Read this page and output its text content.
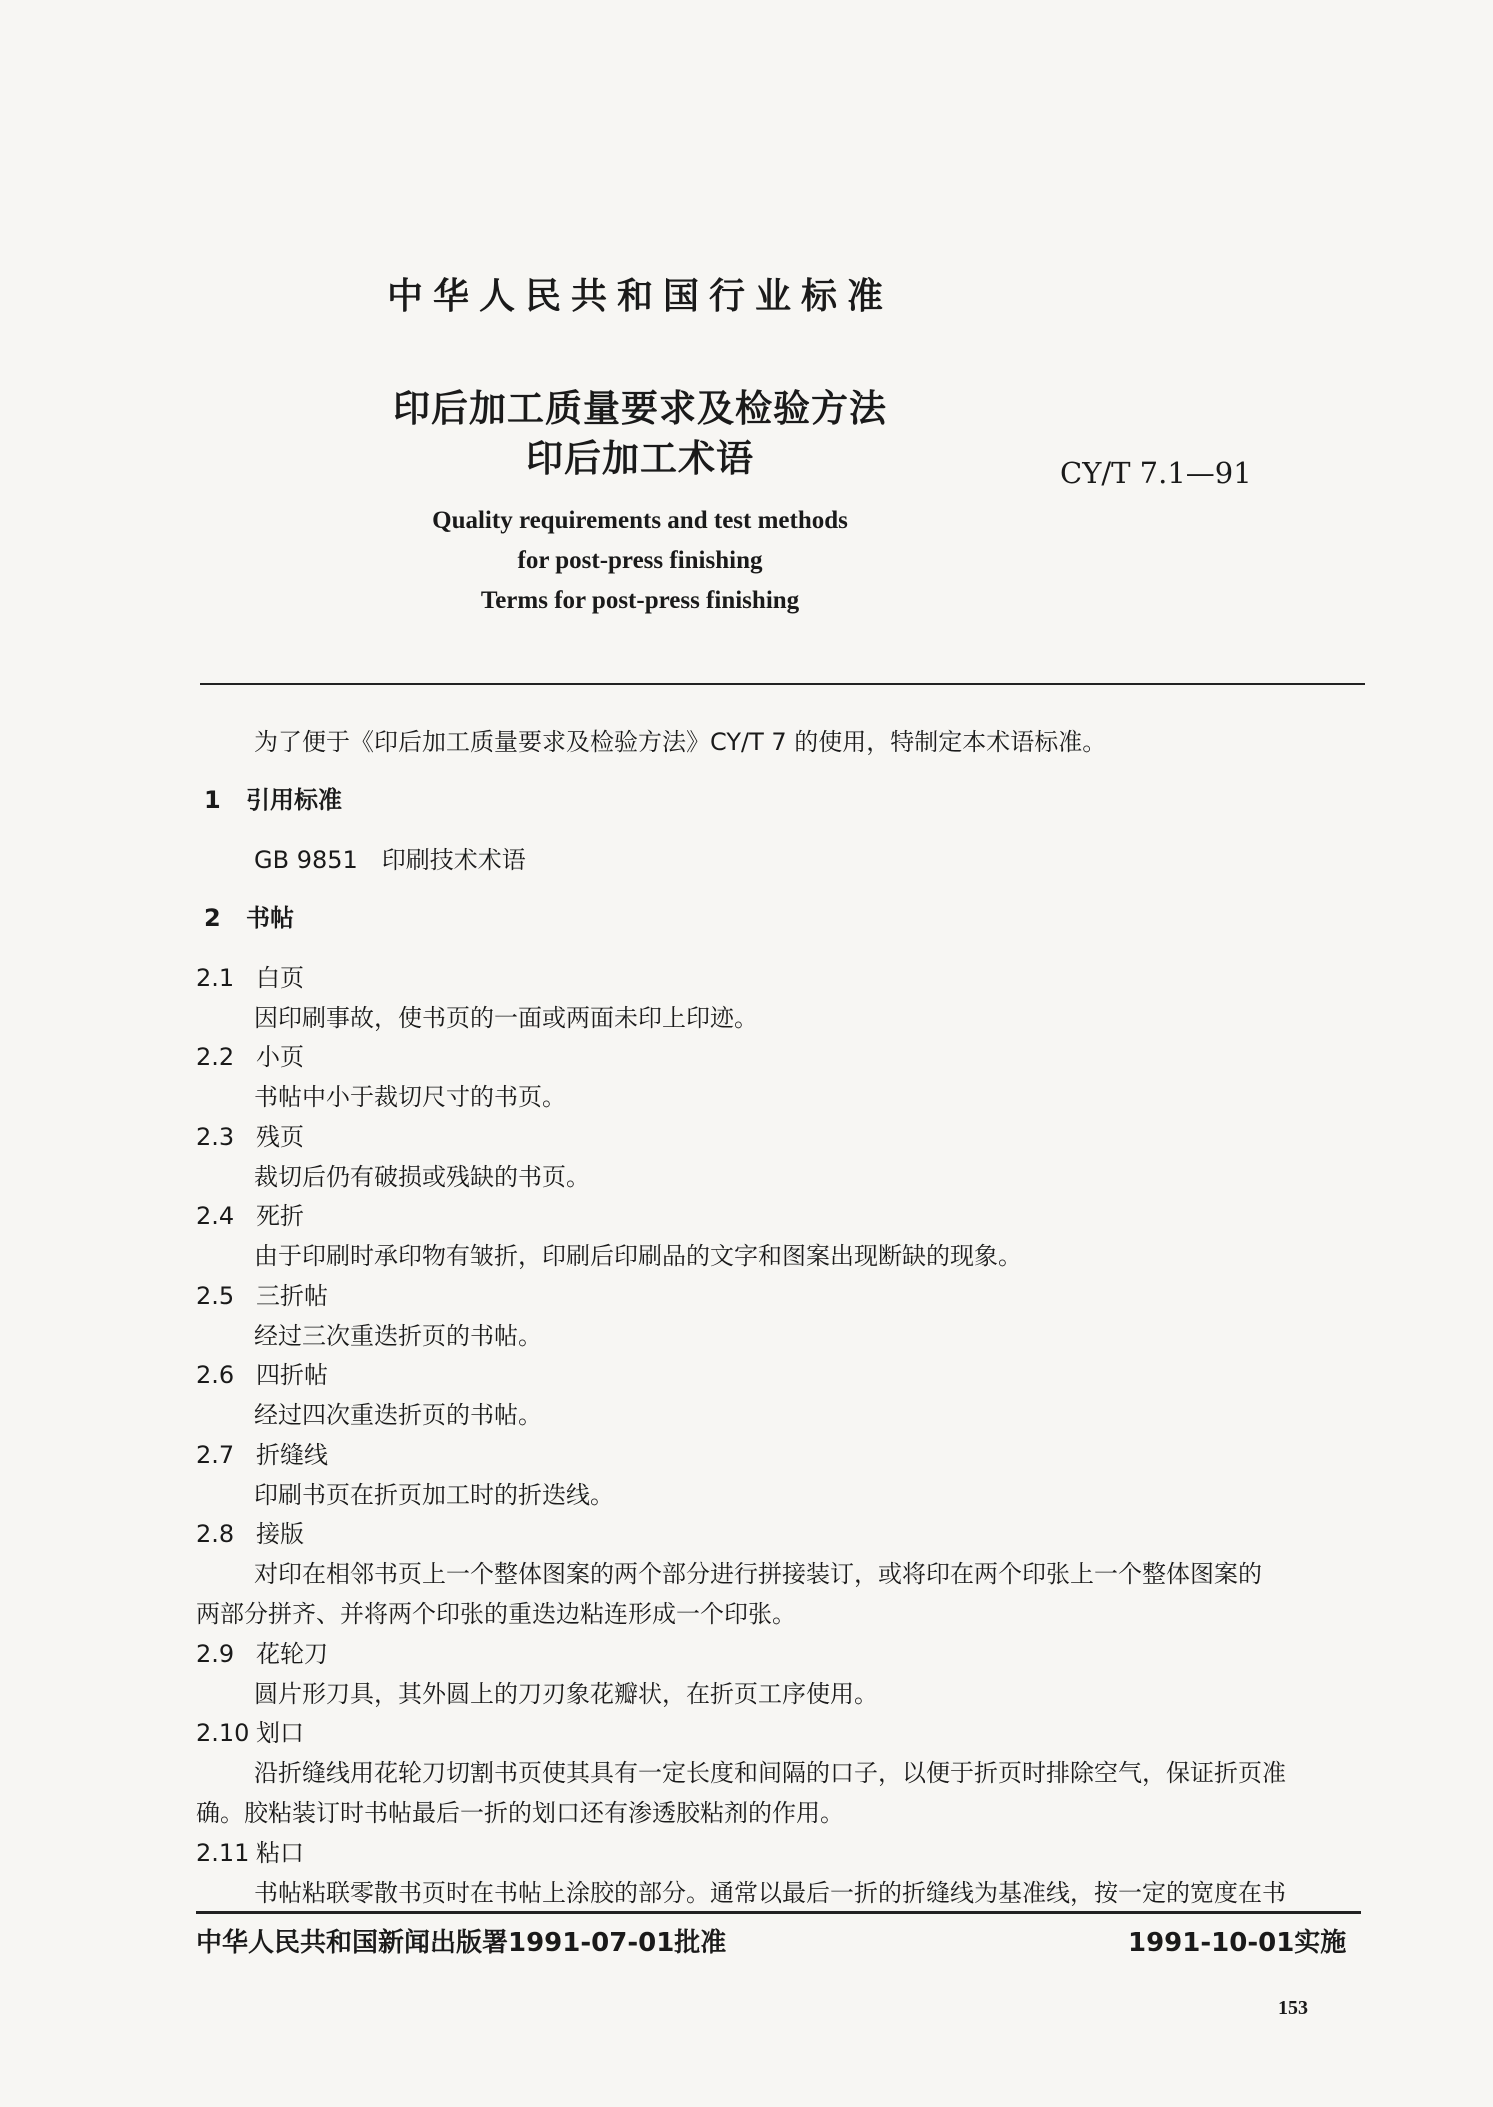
中华人民共和国行业标准
印后加工质量要求及检验方法
印后加工术语	CY/T 7.1—91
Quality requirements and test methods
for post-press finishing
Terms for post-press finishing
为了便于《印后加工质量要求及检验方法》CY/T 7 的使用，特制定本术语标准。
1 引用标准
GB 9851　印刷技术术语
2 书帖
2.1 白页
因印刷事故，使书页的一面或两面未印上印迹。
2.2 小页
书帖中小于裁切尺寸的书页。
2.3 残页
裁切后仍有破损或残缺的书页。
2.4 死折
由于印刷时承印物有皱折，印刷后印刷品的文字和图案出现断缺的现象。
2.5 三折帖
经过三次重迭折页的书帖。
2.6 四折帖
经过四次重迭折页的书帖。
2.7 折缝线
印刷书页在折页加工时的折迭线。
2.8 接版
对印在相邻书页上一个整体图案的两个部分进行拼接装订，或将印在两个印张上一个整体图案的
两部分拼齐、并将两个印张的重迭边粘连形成一个印张。
2.9 花轮刀
圆片形刀具，其外圆上的刀刃象花瓣状，在折页工序使用。
2.10 划口
沿折缝线用花轮刀切割书页使其具有一定长度和间隔的口子，以便于折页时排除空气，保证折页准
确。胶粘装订时书帖最后一折的划口还有渗透胶粘剂的作用。
2.11 粘口
书帖粘联零散书页时在书帖上涂胶的部分。通常以最后一折的折缝线为基准线，按一定的宽度在书
中华人民共和国新闻出版署1991-07-01批准	1991-10-01实施
153
